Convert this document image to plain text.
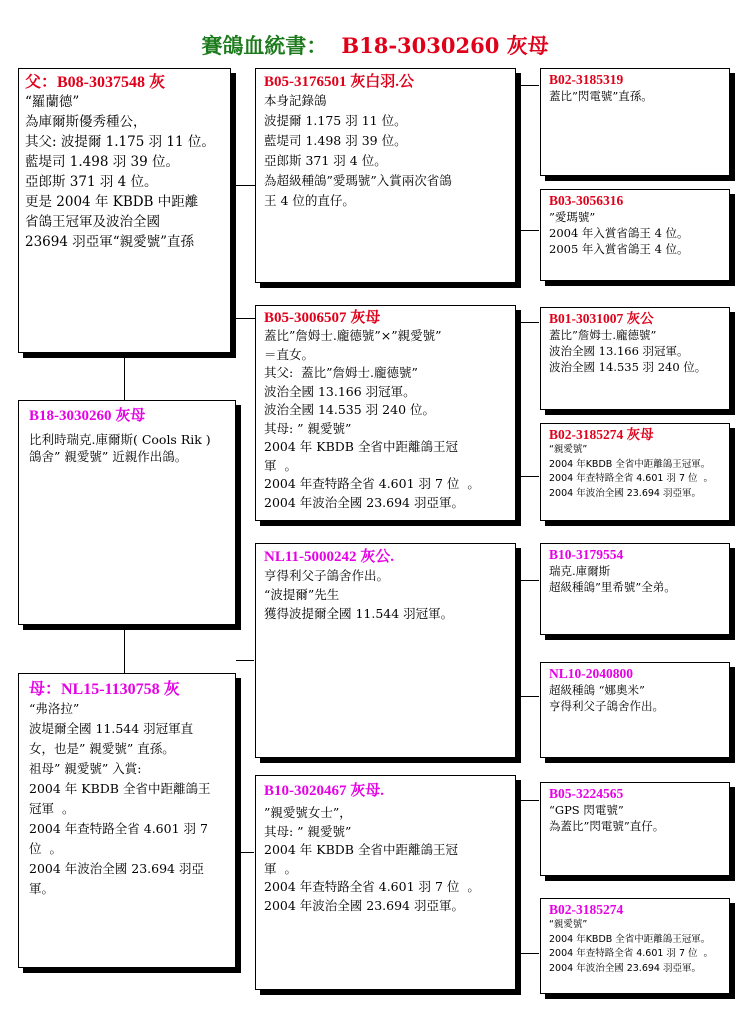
賽鴿血統書： B18-3030260 灰母
父：B08-3037548 灰
“羅蘭德”
為庫爾斯優秀種公，
其父: 波提爾 1.175 羽 11 位。
藍堤司 1.498 羽 39 位。
亞郎斯 371 羽 4 位。
更是 2004 年 KBDB 中距離
省鴿王冠軍及波治全國
23694 羽亞軍“親愛號”直孫
B18-3030260 灰母
比利時瑞克.庫爾斯( Cools Rik )
鴿舍” 親愛號” 近親作出鴿。
母：NL15-1130758 灰
“弗洛拉”
波堤爾全國 11.544 羽冠軍直
女，也是” 親愛號” 直孫。
祖母” 親愛號” 入賞:
2004 年 KBDB 全省中距離鴿王
冠軍  。
2004 年查特路全省 4.601 羽 7
位  。
2004 年波治全國 23.694 羽亞
軍。
B05-3176501 灰白羽.公
本身記錄鴿
波提爾 1.175 羽 11 位。
藍堤司 1.498 羽 39 位。
亞郎斯 371 羽 4 位。
為超級種鴿”愛瑪號”入賞兩次省鴿
王 4 位的直仔。
B05-3006507 灰母
蓋比”詹姆士.龐德號”×”親愛號”
＝直女。
其父:  蓋比”詹姆士.龐德號”
波治全國 13.166 羽冠軍。
波治全國 14.535 羽 240 位。
其母: ” 親愛號”
2004 年 KBDB 全省中距離鴿王冠
軍  。
2004 年查特路全省 4.601 羽 7 位  。
2004 年波治全國 23.694 羽亞軍。
NL11-5000242 灰公.
亨得利父子鴿舍作出。
“波提爾”先生
獲得波提爾全國 11.544 羽冠軍。
B10-3020467 灰母.
”親愛號女士”，
其母: ” 親愛號”
2004 年 KBDB 全省中距離鴿王冠
軍  。
2004 年查特路全省 4.601 羽 7 位  。
2004 年波治全國 23.694 羽亞軍。
B02-3185319
蓋比”閃電號”直孫。
B03-3056316
”愛瑪號”
2004 年入賞省鴿王 4 位。
2005 年入賞省鴿王 4 位。
B01-3031007 灰公
蓋比”詹姆士.龐德號”
波治全國 13.166 羽冠軍。
波治全國 14.535 羽 240 位。
B02-3185274 灰母
“親愛號”
2004 年KBDB 全省中距離鴿王冠軍。
2004 年查特路全省 4.601 羽 7 位  。
2004 年波治全國 23.694 羽亞軍。
B10-3179554
瑞克.庫爾斯
超級種鴿”里希號”全弟。
NL10-2040800
超級種鴿 “娜奧米”
亨得利父子鴿舍作出。
B05-3224565
“GPS 閃電號”
為蓋比”閃電號”直仔。
B02-3185274
“親愛號”
2004 年KBDB 全省中距離鴿王冠軍。
2004 年查特路全省 4.601 羽 7 位  。
2004 年波治全國 23.694 羽亞軍。
